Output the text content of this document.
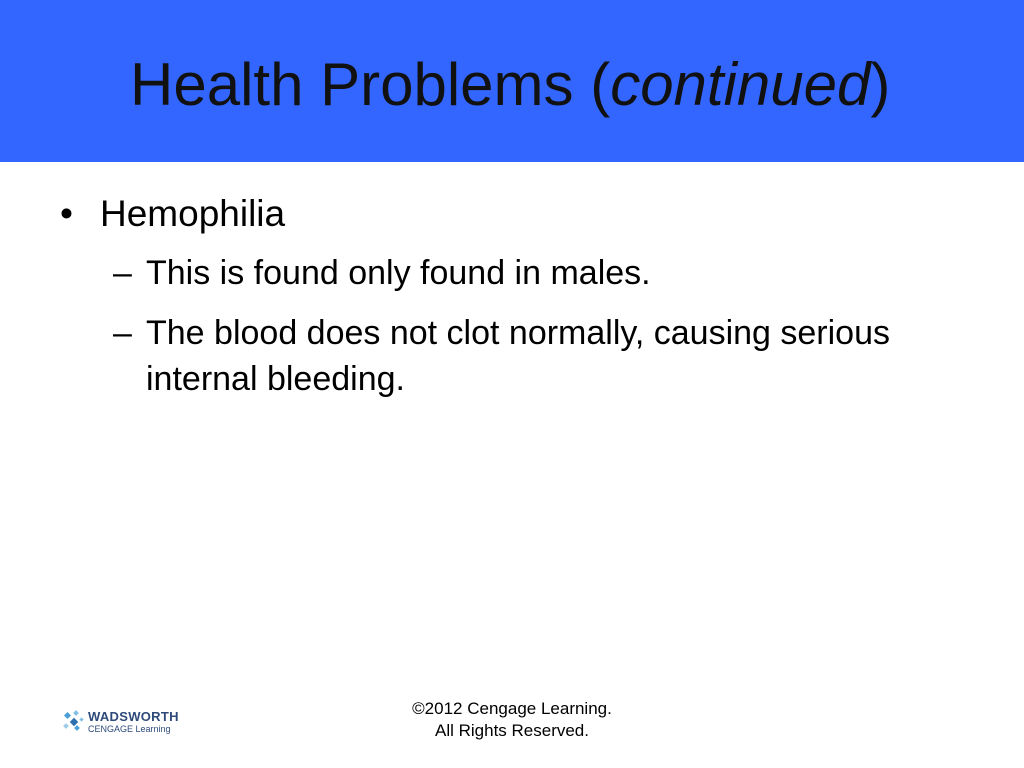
Health Problems (continued)
• Hemophilia
– This is found only found in males.
– The blood does not clot normally, causing serious internal bleeding.
WADSWORTH
CENGAGE Learning
©2012 Cengage Learning.
All Rights Reserved.
